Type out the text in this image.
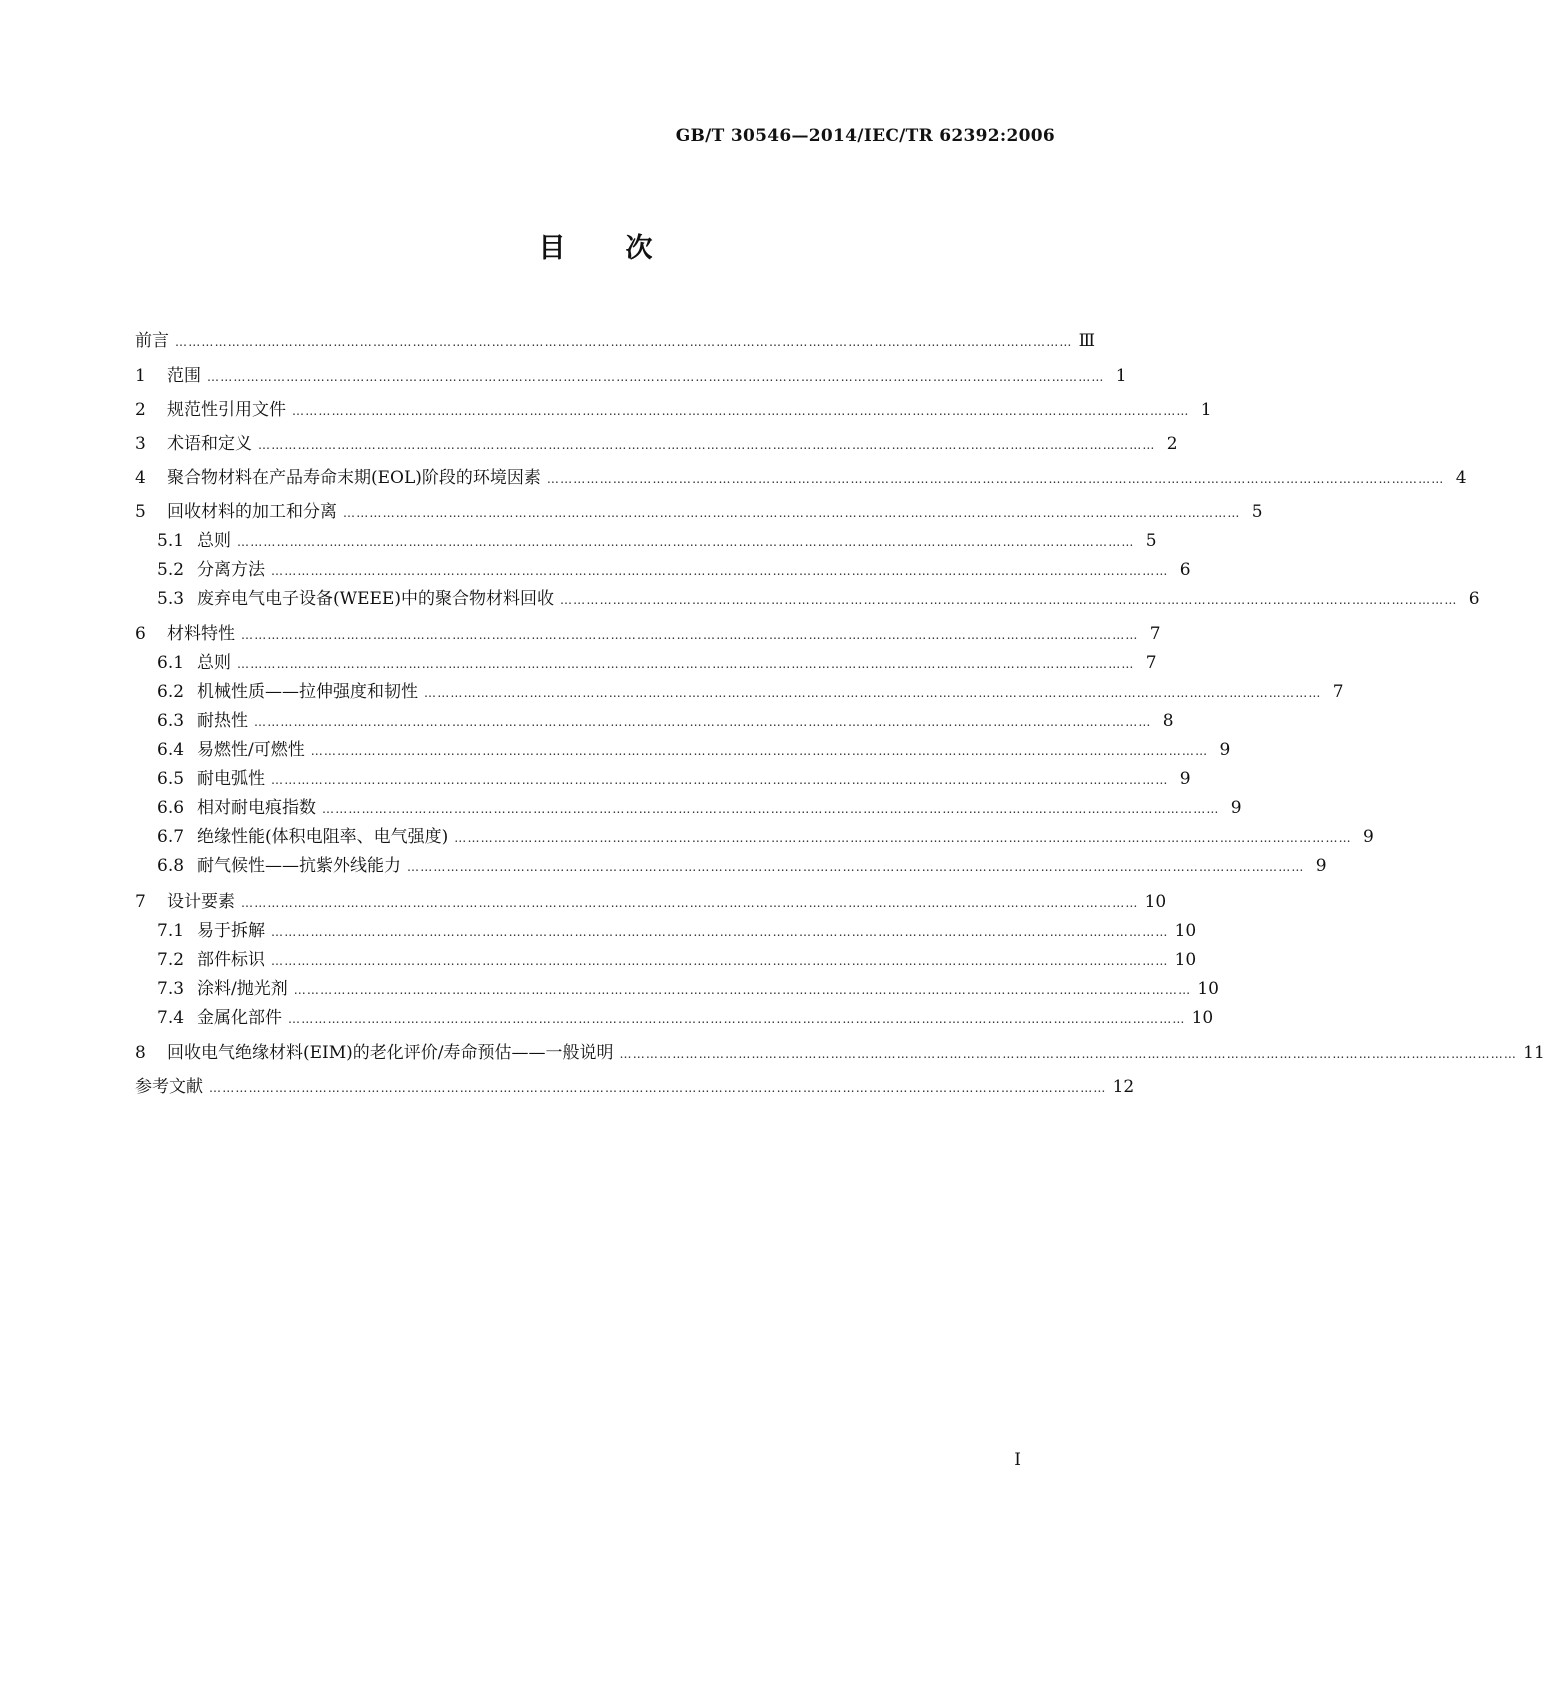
GB/T 30546—2014/IEC/TR 62392:2006
目 次
前言 …………………………………………………………………………………………………………………………………………………………………………………… Ⅲ
1 范围 …………………………………………………………………………………………………………………………………………………………………………………… 1
2 规范性引用文件 …………………………………………………………………………………………………………………………………………………………………………………… 1
3 术语和定义 …………………………………………………………………………………………………………………………………………………………………………………… 2
4 聚合物材料在产品寿命末期(EOL)阶段的环境因素 …………………………………………………………………………………………………………………………………………………………………………………… 4
5 回收材料的加工和分离 …………………………………………………………………………………………………………………………………………………………………………………… 5
5.1 总则 …………………………………………………………………………………………………………………………………………………………………………………… 5
5.2 分离方法 …………………………………………………………………………………………………………………………………………………………………………………… 6
5.3 废弃电气电子设备(WEEE)中的聚合物材料回收 …………………………………………………………………………………………………………………………………………………………………………………… 6
6 材料特性 …………………………………………………………………………………………………………………………………………………………………………………… 7
6.1 总则 …………………………………………………………………………………………………………………………………………………………………………………… 7
6.2 机械性质——拉伸强度和韧性 …………………………………………………………………………………………………………………………………………………………………………………… 7
6.3 耐热性 …………………………………………………………………………………………………………………………………………………………………………………… 8
6.4 易燃性/可燃性 …………………………………………………………………………………………………………………………………………………………………………………… 9
6.5 耐电弧性 …………………………………………………………………………………………………………………………………………………………………………………… 9
6.6 相对耐电痕指数 …………………………………………………………………………………………………………………………………………………………………………………… 9
6.7 绝缘性能(体积电阻率、电气强度) …………………………………………………………………………………………………………………………………………………………………………………… 9
6.8 耐气候性——抗紫外线能力 …………………………………………………………………………………………………………………………………………………………………………………… 9
7 设计要素 …………………………………………………………………………………………………………………………………………………………………………………… 10
7.1 易于拆解 …………………………………………………………………………………………………………………………………………………………………………………… 10
7.2 部件标识 …………………………………………………………………………………………………………………………………………………………………………………… 10
7.3 涂料/抛光剂 …………………………………………………………………………………………………………………………………………………………………………………… 10
7.4 金属化部件 …………………………………………………………………………………………………………………………………………………………………………………… 10
8 回收电气绝缘材料(EIM)的老化评价/寿命预估——一般说明 …………………………………………………………………………………………………………………………………………………………………………………… 11
参考文献 …………………………………………………………………………………………………………………………………………………………………………………… 12
I
